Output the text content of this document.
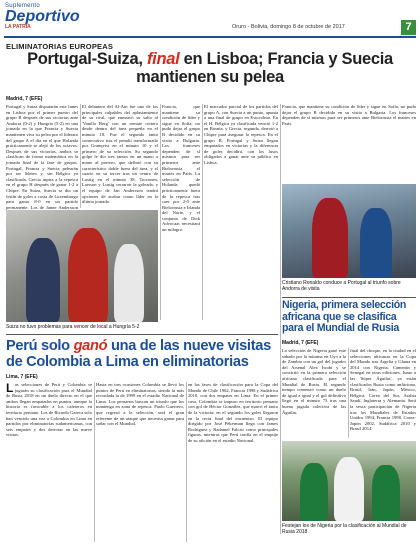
Suplemento
Deportivo
LA PATRIA	Oruro - Bolivia, domingo 8 de octubre de 2017	7
ELIMINATORIAS EUROPEAS
Portugal-Suiza, final en Lisboa; Francia y Suecia mantienen su pelea
Madrid, 7 (EFE)
Portugal y Suiza disputarán este lunes en Lisboa por el primer puesto del grupo B después de sus victorias ante Andorra (0-2) y Hungría (5-2) en una jornada en la que Francia y Suecia mantienen viva su pelea por el liderato del grupo A el día en el que Holanda prácticamente se alejó de los octavos. Después de sus victorias, ambos se clasifican de forma matemática en la jornada final de la fase de grupos. Portugal, Francia y Suecia pelearán por ser líderes y, sin Bélgica ya clasificada, Grecia aspira a la repesca en el grupo H después de ganar 1-2 a Chipre. En Suiza, Suecia se dio un festín de goles a costa de Luxemburgo para ganar 8-0 en un partido permanente. Los de Janne Andersson
El delantero del Al-Ain fue uno de los principales culpables del aplastamiento de su rival, que enmarcó su salto al 'Vanilla Berg' con un remate certero desde dentro del área pequeña en el minuto 18. Fue el segundo tanto consecutivo tras el penalti transformado por Granqvist en el minuto 10 y el primero de su selección. Su segundo golpe le dio tres tantos en un mano a mano al portero, que definió con su característico doble fuera del área, y el cuarto en su tercer tras un centro de Lustig en el minuto 38. Toivonen, Larsson y Lustig cerraron la goleada, y el equipo de Jan Andersson tendrá opciones de acabar como líder en la última jornada.
Francia, que mantiene su condición de líder y sigue en Sofía, no pudo dejar el grupo B decidido en su visita a Bulgaria. Los franceses dependen de sí mismos para ser primeros ante Bielorrusia el martes en París. La selección de Holanda quedó prácticamente fuera de la repesca tras caer por 2-0 ante Bielorrusia e Irlanda del Norte, y el conjunto de Dick Advocaat necesitará un milagro.
El marcador parcial de los partidos del grupo A, con Suecia a un punto, apunta a una final de grupo en Estocolmo. En el H, Bélgica ya clasificada venció 1-2 en Bosnia, y Grecia, segunda, derrotó a Chipre para asegurar la repesca. En el grupo B, Portugal y Suiza llegan empatados en victorias y la diferencia de goles decidirá, con los lusos obligados a ganar ante su público en Lisboa.
Francia, que mantiene su condición de líder y sigue en Sofía, no pudo dejar el grupo B decidido en su visita a Bulgaria. Los franceses dependen de sí mismos para ser primeros ante Bielorrusia el martes en París.
Suiza no tuvo problemas para vencer de local a Hungría 5-2
Cristiano Ronaldo conduce a Portugal al triunfo sobre Andorra de visita
Nigeria, primera selección africana que se clasifica para el Mundial de Rusia
Madrid, 7 (EFE)
La selección de Nigeria ganó este sábado por la mínima en Uyo a la de Zambia con un gol del jugador del Arsenal Alex Iwobi y se convirtió en la primera selección africana clasificada para el Mundial de Rusia. El segundo tiempo comenzó como un duelo de igual a igual y el gol definitivo llegó en el minuto 73 tras una buena jugada colectiva de las Águilas.
final del choque, en la ciudad en el selecciones africanas en la Copa del Mundo tras Argelia y Ghana en 2014 con Nigeria, Camerún y Senegal en otras ediciones. Junto a las 'Súper Águilas', ya están clasificados Rusia como anfitriona, Brasil, Irán, Japón, México, Bélgica, Corea del Sur, Arabia Saudí, Inglaterra y Alemania. Será la sexta participación de Nigeria tras los Mundiales de Estados Unidos 1994, Francia 1998, Corea-Japón 2002, Sudáfrica 2010 y Brasil 2014.
Festejan los de Nigeria por la clasificación al Mundial de Rusia 2018
Perú solo ganó una de las nueve visitas de Colombia a Lima en eliminatorias
Lima, 7 (EFE)
L as selecciones de Perú y Colombia se jugarán su clasificación para el Mundial de Rusia 2018 en un duelo directo en el que ambos llegan empatados en puntos, aunque la historia es favorable a los cafeteros en territorio peruano. Los de Ricardo Gareca solo han vencido una vez a Colombia en Lima en partidos por eliminatorias sudamericanas, con seis empates y dos derrotas en las nueve visitas.
Hasta en tres ocasiones Colombia se llevó los puntos de Perú en eliminatorias, siendo la más recordada la de 1999 en el estadio Nacional de Lima. Los peruanos buscan un triunfo que los mantenga en zona de repesca. Paolo Guerrero, que regresó a la selección, será el gran referente de un ataque que necesita ganar para soñar con el Mundial.
en las fases de clasificación para la Copa del Mundo de Chile 1962, Francia 1998 y Sudáfrica 2010, con dos empates en Lima. En el primer caso, Colombia se impuso en territorio peruano con gol de Héctor González, que marcó el tanto de la victoria; en el segundo los goles llegaron en la recta final del encuentro. El equipo dirigido por José Pékerman llega con James Rodríguez y Radamel Falcao como principales figuras, mientras que Perú confía en el empuje de su afición en el estadio Nacional.
